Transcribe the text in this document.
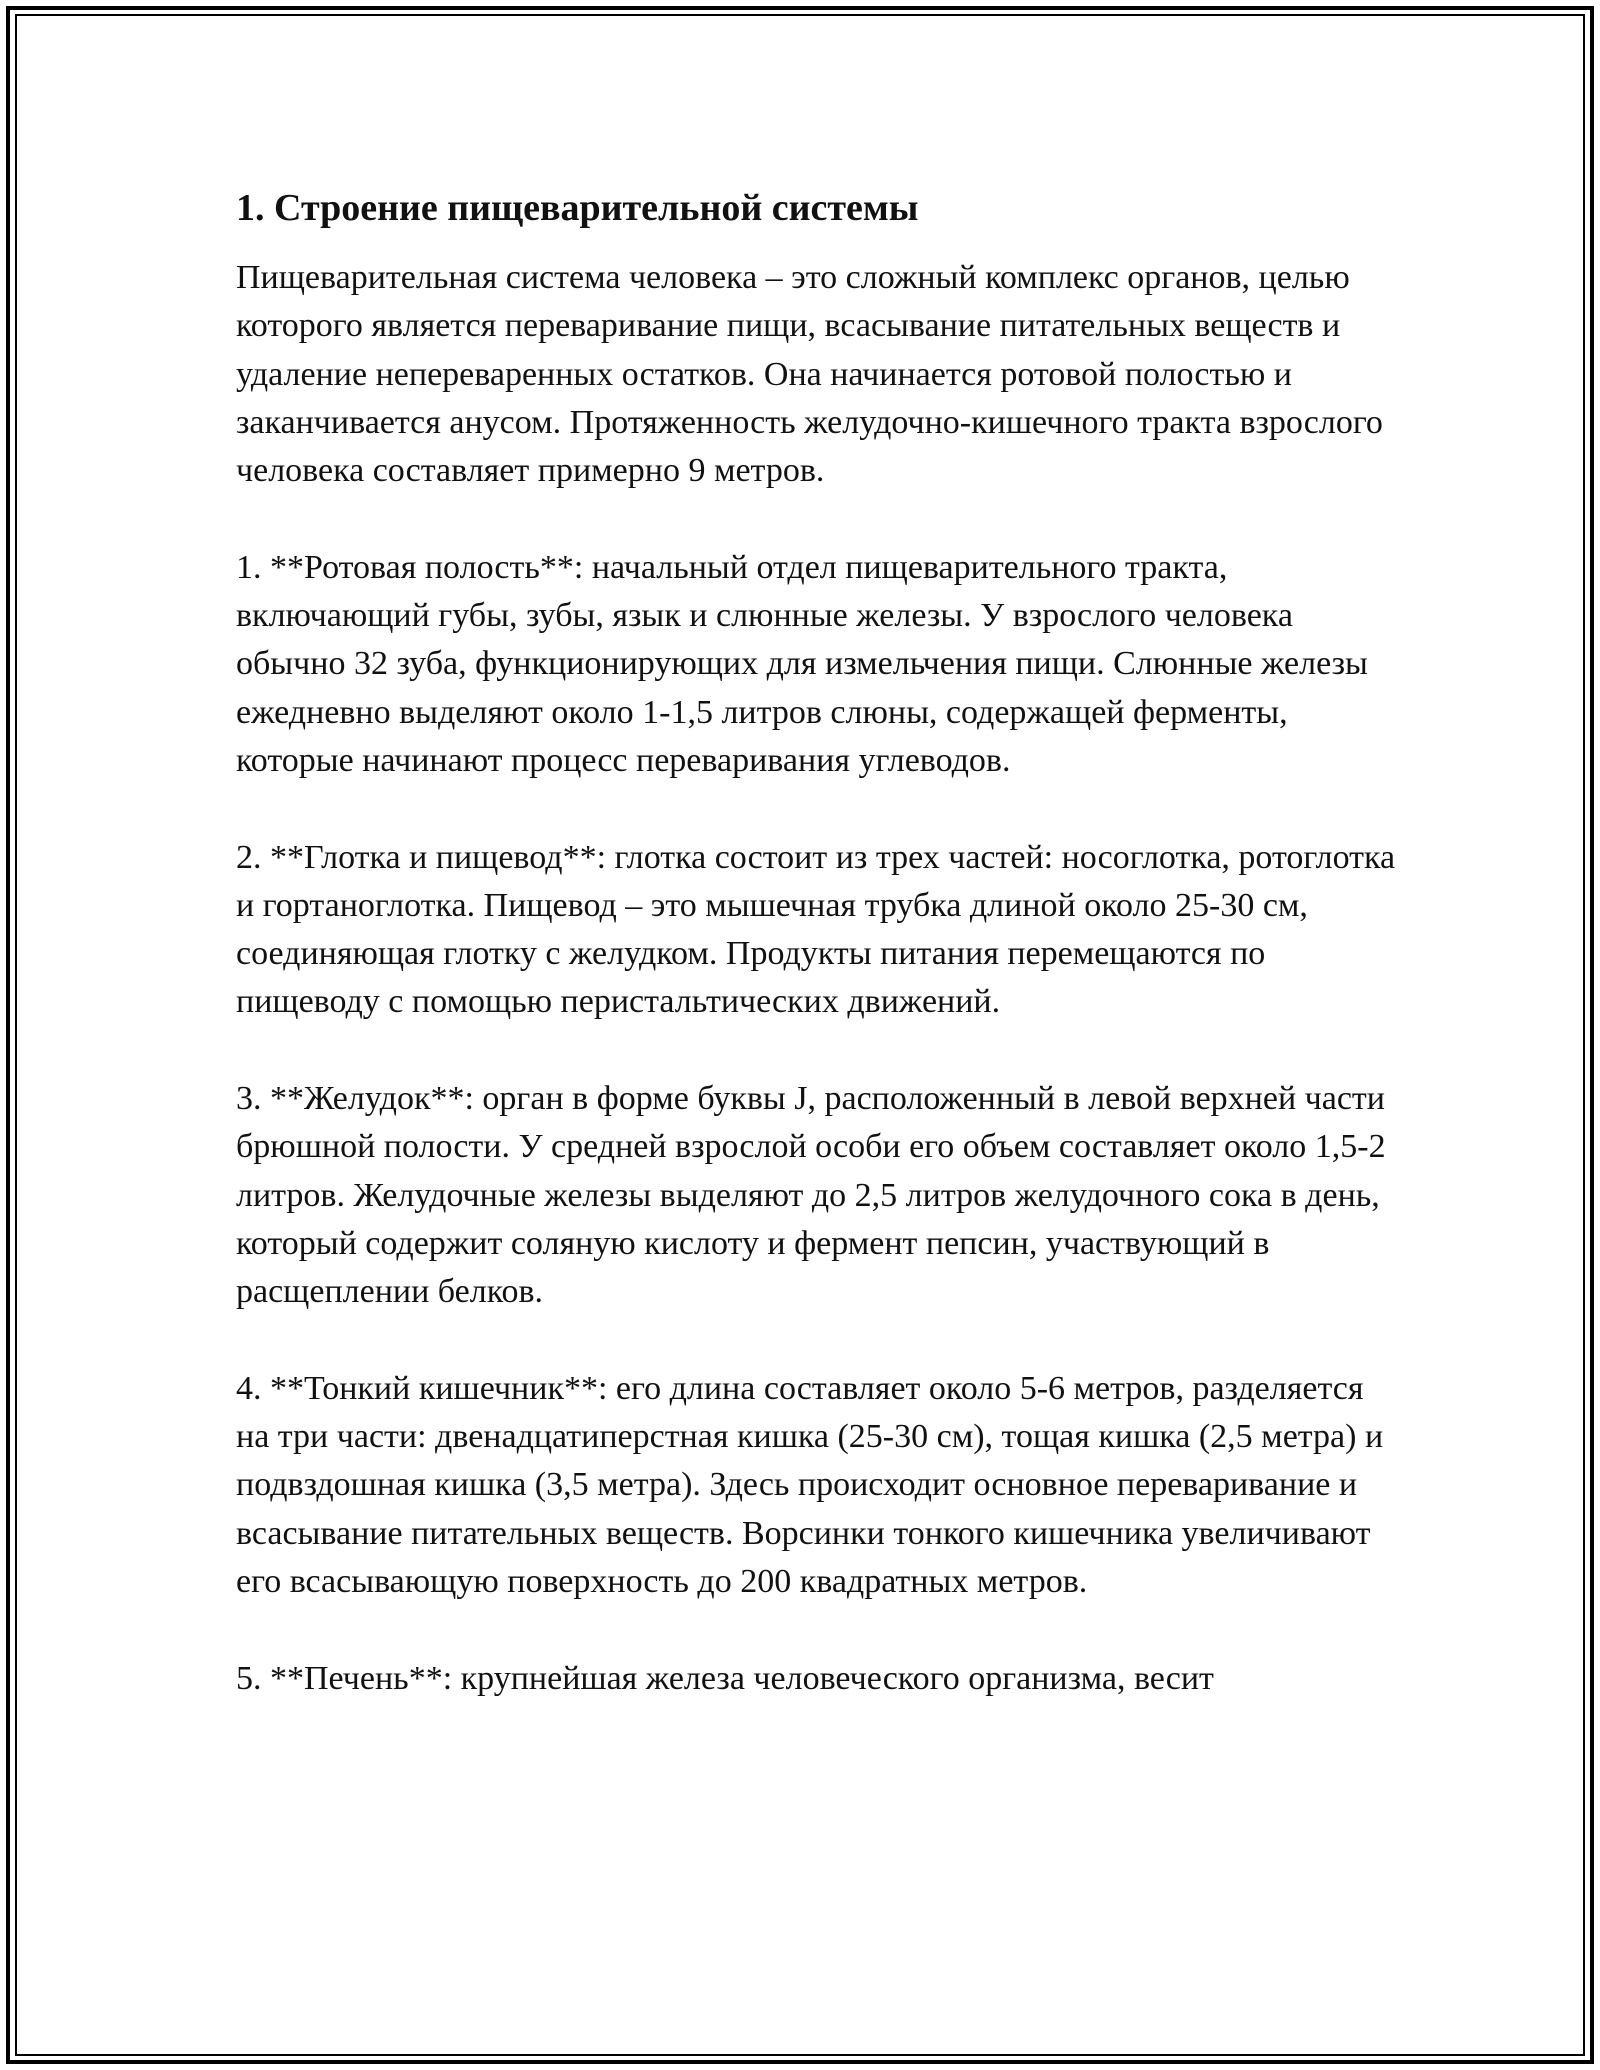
1. Строение пищеварительной системы

Пищеварительная система человека – это сложный комплекс органов, целью которого является переваривание пищи, всасывание питательных веществ и удаление непереваренных остатков. Она начинается ротовой полостью и заканчивается анусом. Протяженность желудочно-кишечного тракта взрослого человека составляет примерно 9 метров.

1. **Ротовая полость**: начальный отдел пищеварительного тракта, включающий губы, зубы, язык и слюнные железы. У взрослого человека обычно 32 зуба, функционирующих для измельчения пищи. Слюнные железы ежедневно выделяют около 1-1,5 литров слюны, содержащей ферменты, которые начинают процесс переваривания углеводов.

2. **Глотка и пищевод**: глотка состоит из трех частей: носоглотка, ротоглотка и гортаноглотка. Пищевод – это мышечная трубка длиной около 25-30 см, соединяющая глотку с желудком. Продукты питания перемещаются по пищеводу с помощью перистальтических движений.

3. **Желудок**: орган в форме буквы J, расположенный в левой верхней части брюшной полости. У средней взрослой особи его объем составляет около 1,5-2 литров. Желудочные железы выделяют до 2,5 литров желудочного сока в день, который содержит соляную кислоту и фермент пепсин, участвующий в расщеплении белков.

4. **Тонкий кишечник**: его длина составляет около 5-6 метров, разделяется на три части: двенадцатиперстная кишка (25-30 см), тощая кишка (2,5 метра) и подвздошная кишка (3,5 метра). Здесь происходит основное переваривание и всасывание питательных веществ. Ворсинки тонкого кишечника увеличивают его всасывающую поверхность до 200 квадратных метров.

5. **Печень**: крупнейшая железа человеческого организма, весит
